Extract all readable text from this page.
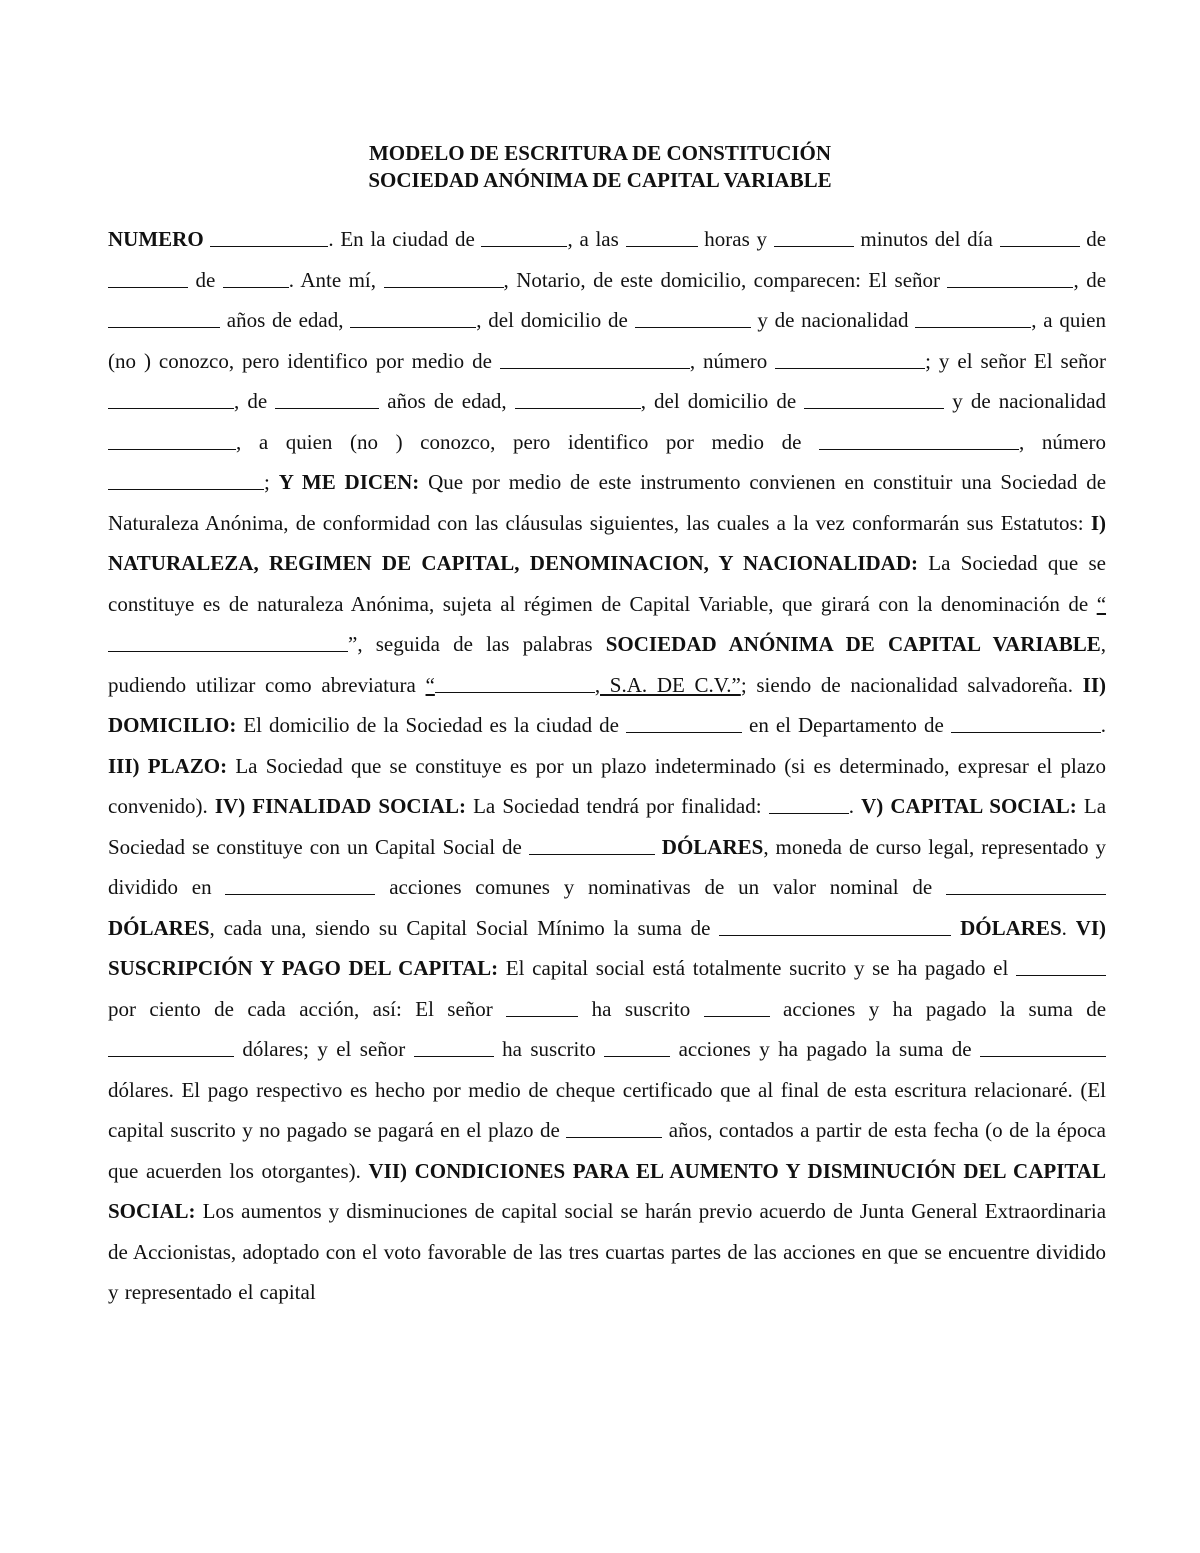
MODELO DE ESCRITURA DE CONSTITUCIÓN
SOCIEDAD ANÓNIMA DE CAPITAL VARIABLE
NUMERO	. En la ciudad de	, a las	horas y	minutos del día	de  de	. Ante mí,	, Notario, de este domicilio, comparecen: El señor	, de  años de edad,	, del domicilio de	y de nacionalidad	, a quien (no ) conozco, pero identifico por medio de	, número	; y el señor El señor , de	años de edad,	, del domicilio de	y de nacionalidad , a quien (no ) conozco, pero identifico por medio de	, número ; Y ME DICEN: Que por medio de este instrumento convienen en constituir una Sociedad de Naturaleza Anónima, de conformidad con las cláusulas siguientes, las cuales a la vez conformarán sus Estatutos: I) NATURALEZA, REGIMEN DE CAPITAL, DENOMINACION, Y NACIONALIDAD: La Sociedad que se constituye es de naturaleza Anónima, sujeta al régimen de Capital Variable, que girará con la denominación de “”, seguida de las palabras SOCIEDAD ANÓNIMA DE CAPITAL VARIABLE, pudiendo utilizar como abreviatura “	, S.A. DE C.V.”; siendo de nacionalidad salvadoreña. II) DOMICILIO: El domicilio de la Sociedad es la ciudad de	en el Departamento de	. III) PLAZO: La Sociedad que se constituye es por un plazo indeterminado (si es determinado, expresar el plazo convenido). IV) FINALIDAD SOCIAL: La Sociedad tendrá por finalidad:	. V) CAPITAL SOCIAL: La Sociedad se constituye con un Capital Social de	DÓLARES, moneda de curso legal, representado y dividido en	acciones comunes y nominativas de un valor nominal de  DÓLARES, cada una, siendo su Capital Social Mínimo la suma de	DÓLARES. VI) SUSCRIPCIÓN Y PAGO DEL CAPITAL: El capital social está totalmente sucrito y se ha pagado el  por ciento de cada acción, así: El señor	ha suscrito	acciones y ha pagado la suma de  dólares; y el señor	ha suscrito	acciones y ha pagado la suma de  dólares. El pago respectivo es hecho por medio de cheque certificado que al final de esta escritura relacionaré. (El capital suscrito y no pagado se pagará en el plazo de	años, contados a partir de esta fecha (o de la época que acuerden los otorgantes). VII) CONDICIONES PARA EL AUMENTO Y DISMINUCIÓN DEL CAPITAL SOCIAL: Los aumentos y disminuciones de capital social se harán previo acuerdo de Junta General Extraordinaria de Accionistas, adoptado con el voto favorable de las tres cuartas partes de las acciones en que se encuentre dividido y representado el capital
